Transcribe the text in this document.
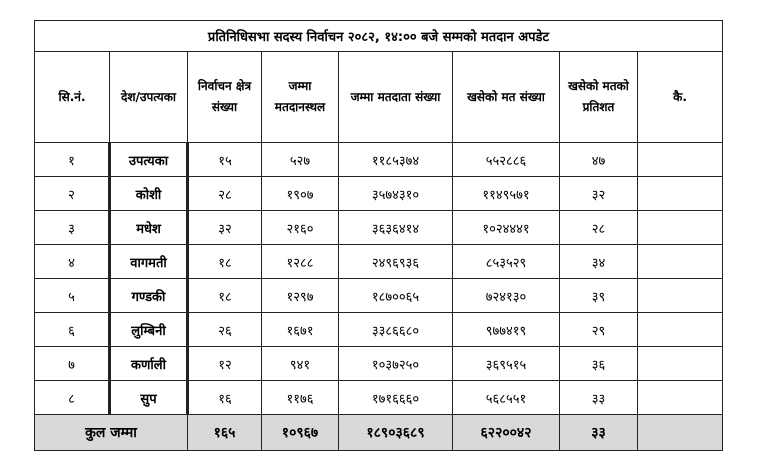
प्रतिनिधिसभा सदस्य निर्वाचन २०८२, १४:०० बजे सम्मको मतदान अपडेट							
सि.नं.	देश/उपत्यका	निर्वाचन क्षेत्र संख्या	जम्मा मतदानस्थल	जम्मा मतदाता संख्या	खसेको मत संख्या	खसेको मतको प्रतिशत	कै.
१	उपत्यका	१५	५२७	११८५३७४	५५२८८६	४७	
२	कोशी	२८	१९०७	३५७४३१०	११४९५७१	३२	
३	मधेश	३२	२१६०	३६३६४१४	१०२४४४१	२८	
४	वागमती	१८	१२८८	२४९६९३६	८५३५२९	३४	
५	गण्डकी	१८	१२९७	१८७००६५	७२४१३०	३९	
६	लुम्बिनी	२६	१६७१	३३८६६८०	९७७४१९	२९	
७	कर्णाली	१२	९४१	१०३७२५०	३६९५१५	३६	
८	सुप	१६	११७६	१७१६६६०	५६८५५१	३३	
कुल जम्मा		१६५	१०९६७	१८९०३६८९	६२२००४२	३३	
